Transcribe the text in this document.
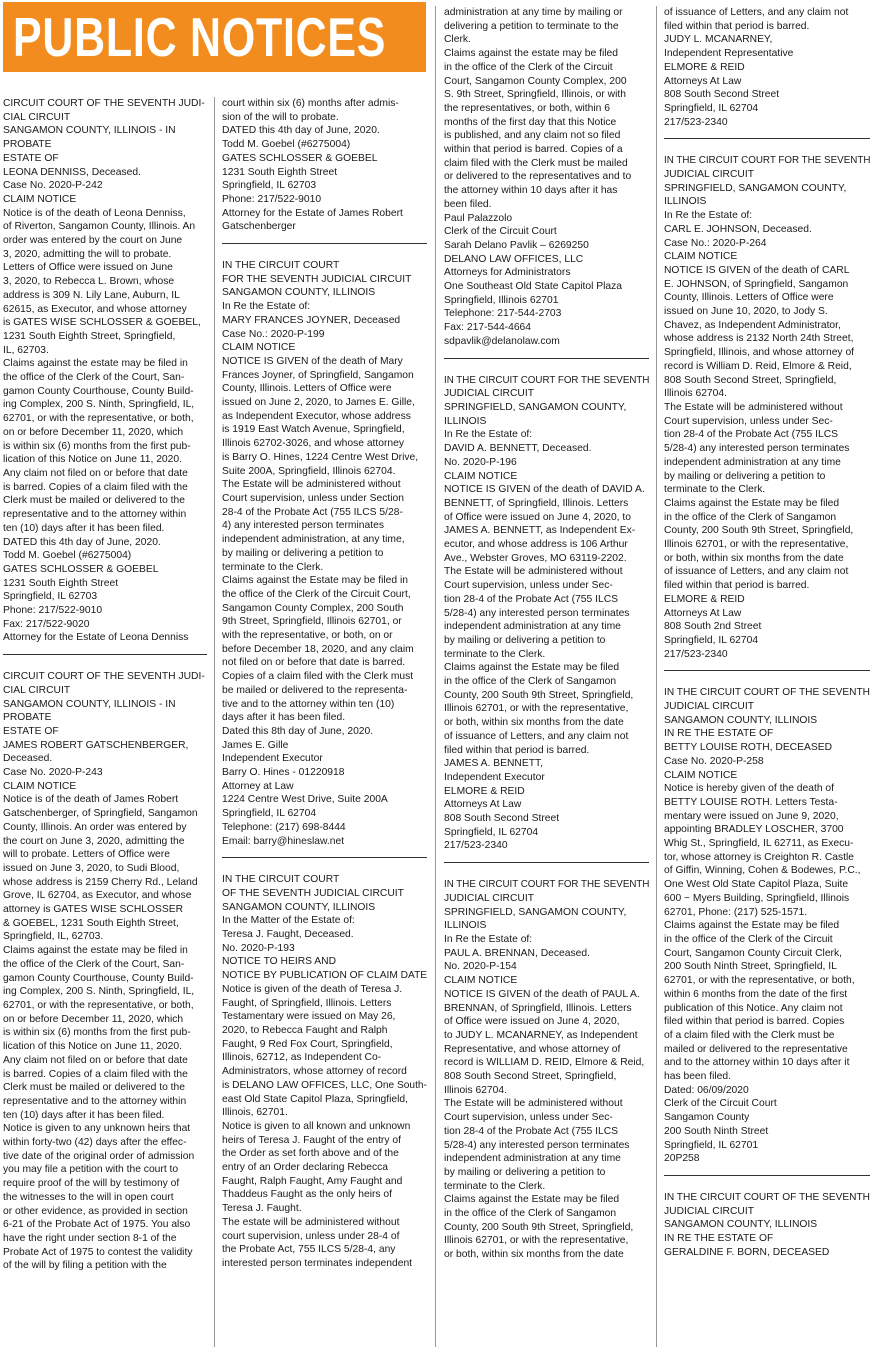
PUBLIC NOTICES
CIRCUIT COURT OF THE SEVENTH JUDI-
CIAL CIRCUIT
SANGAMON COUNTY, ILLINOIS - IN
PROBATE
ESTATE OF
LEONA DENNISS, Deceased.
Case No. 2020-P-242
CLAIM NOTICE
Notice is of the death of Leona Denniss,
of Riverton, Sangamon County, Illinois. An
order was entered by the court on June
3, 2020, admitting the will to probate.
Letters of Office were issued on June
3, 2020, to Rebecca L. Brown, whose
address is 309 N. Lily Lane, Auburn, IL
62615, as Executor, and whose attorney
is GATES WISE SCHLOSSER & GOEBEL,
1231 South Eighth Street, Springfield,
IL, 62703.
Claims against the estate may be filed in
the office of the Clerk of the Court, San-
gamon County Courthouse, County Build-
ing Complex, 200 S. Ninth, Springfield, IL,
62701, or with the representative, or both,
on or before December 11, 2020, which
is within six (6) months from the first pub-
lication of this Notice on June 11, 2020.
Any claim not filed on or before that date
is barred. Copies of a claim filed with the
Clerk must be mailed or delivered to the
representative and to the attorney within
ten (10) days after it has been filed.
DATED this 4th day of June, 2020.
Todd M. Goebel (#6275004)
GATES SCHLOSSER & GOEBEL
1231 South Eighth Street
Springfield, IL 62703
Phone: 217/522-9010
Fax: 217/522-9020
Attorney for the Estate of Leona Denniss
CIRCUIT COURT OF THE SEVENTH JUDI-
CIAL CIRCUIT
SANGAMON COUNTY, ILLINOIS - IN
PROBATE
ESTATE OF
JAMES ROBERT GATSCHENBERGER,
Deceased.
Case No. 2020-P-243
CLAIM NOTICE
Notice is of the death of James Robert
Gatschenberger, of Springfield, Sangamon
County, Illinois. An order was entered by
the court on June 3, 2020, admitting the
will to probate. Letters of Office were
issued on June 3, 2020, to Sudi Blood,
whose address is 2159 Cherry Rd., Leland
Grove, IL 62704, as Executor, and whose
attorney is GATES WISE SCHLOSSER
& GOEBEL, 1231 South Eighth Street,
Springfield, IL, 62703.
Claims against the estate may be filed in
the office of the Clerk of the Court, San-
gamon County Courthouse, County Build-
ing Complex, 200 S. Ninth, Springfield, IL,
62701, or with the representative, or both,
on or before December 11, 2020, which
is within six (6) months from the first pub-
lication of this Notice on June 11, 2020.
Any claim not filed on or before that date
is barred. Copies of a claim filed with the
Clerk must be mailed or delivered to the
representative and to the attorney within
ten (10) days after it has been filed.
Notice is given to any unknown heirs that
within forty-two (42) days after the effec-
tive date of the original order of admission
you may file a petition with the court to
require proof of the will by testimony of
the witnesses to the will in open court
or other evidence, as provided in section
6-21 of the Probate Act of 1975. You also
have the right under section 8-1 of the
Probate Act of 1975 to contest the validity
of the will by filing a petition with the
court within six (6) months after admis-
sion of the will to probate.
DATED this 4th day of June, 2020.
Todd M. Goebel (#6275004)
GATES SCHLOSSER & GOEBEL
1231 South Eighth Street
Springfield, IL 62703
Phone: 217/522-9010
Attorney for the Estate of James Robert
Gatschenberger
IN THE CIRCUIT COURT
FOR THE SEVENTH JUDICIAL CIRCUIT
SANGAMON COUNTY, ILLINOIS
In Re the Estate of:
MARY FRANCES JOYNER, Deceased
Case No.: 2020-P-199
CLAIM NOTICE
NOTICE IS GIVEN of the death of Mary
Frances Joyner, of Springfield, Sangamon
County, Illinois. Letters of Office were
issued on June 2, 2020, to James E. Gille,
as Independent Executor, whose address
is 1919 East Watch Avenue, Springfield,
Illinois 62702-3026, and whose attorney
is Barry O. Hines, 1224 Centre West Drive,
Suite 200A, Springfield, Illinois 62704.
The Estate will be administered without
Court supervision, unless under Section
28-4 of the Probate Act (755 ILCS 5/28-
4) any interested person terminates
independent administration, at any time,
by mailing or delivering a petition to
terminate to the Clerk.
Claims against the Estate may be filed in
the office of the Clerk of the Circuit Court,
Sangamon County Complex, 200 South
9th Street, Springfield, Illinois 62701, or
with the representative, or both, on or
before December 18, 2020, and any claim
not filed on or before that date is barred.
Copies of a claim filed with the Clerk must
be mailed or delivered to the representa-
tive and to the attorney within ten (10)
days after it has been filed.
Dated this 8th day of June, 2020.
James E. Gille
Independent Executor
Barry O. Hines - 01220918
Attorney at Law
1224 Centre West Drive, Suite 200A
Springfield, IL 62704
Telephone: (217) 698-8444
Email: barry@hineslaw.net
IN THE CIRCUIT COURT
OF THE SEVENTH JUDICIAL CIRCUIT
SANGAMON COUNTY, ILLINOIS
In the Matter of the Estate of:
Teresa J. Faught, Deceased.
No. 2020-P-193
NOTICE TO HEIRS AND
NOTICE BY PUBLICATION OF CLAIM DATE
Notice is given of the death of Teresa J.
Faught, of Springfield, Illinois. Letters
Testamentary were issued on May 26,
2020, to Rebecca Faught and Ralph
Faught, 9 Red Fox Court, Springfield,
Illinois, 62712, as Independent Co-
Administrators, whose attorney of record
is DELANO LAW OFFICES, LLC, One South-
east Old State Capitol Plaza, Springfield,
Illinois, 62701.
Notice is given to all known and unknown
heirs of Teresa J. Faught of the entry of
the Order as set forth above and of the
entry of an Order declaring Rebecca
Faught, Ralph Faught, Amy Faught and
Thaddeus Faught as the only heirs of
Teresa J. Faught.
The estate will be administered without
court supervision, unless under 28-4 of
the Probate Act, 755 ILCS 5/28-4, any
interested person terminates independent
administration at any time by mailing or
delivering a petition to terminate to the
Clerk.
Claims against the estate may be filed
in the office of the Clerk of the Circuit
Court, Sangamon County Complex, 200
S. 9th Street, Springfield, Illinois, or with
the representatives, or both, within 6
months of the first day that this Notice
is published, and any claim not so filed
within that period is barred. Copies of a
claim filed with the Clerk must be mailed
or delivered to the representatives and to
the attorney within 10 days after it has
been filed.
Paul Palazzolo
Clerk of the Circuit Court
Sarah Delano Pavlik – 6269250
DELANO LAW OFFICES, LLC
Attorneys for Administrators
One Southeast Old State Capitol Plaza
Springfield, Illinois 62701
Telephone: 217-544-2703
Fax: 217-544-4664
sdpavlik@delanolaw.com
IN THE CIRCUIT COURT FOR THE SEVENTH
JUDICIAL CIRCUIT
SPRINGFIELD, SANGAMON COUNTY,
ILLINOIS
In Re the Estate of:
DAVID A. BENNETT, Deceased.
No. 2020-P-196
CLAIM NOTICE
NOTICE IS GIVEN of the death of DAVID A.
BENNETT, of Springfield, Illinois. Letters
of Office were issued on June 4, 2020, to
JAMES A. BENNETT, as Independent Ex-
ecutor, and whose address is 106 Arthur
Ave., Webster Groves, MO 63119-2202.
The Estate will be administered without
Court supervision, unless under Sec-
tion 28-4 of the Probate Act (755 ILCS
5/28-4) any interested person terminates
independent administration at any time
by mailing or delivering a petition to
terminate to the Clerk.
Claims against the Estate may be filed
in the office of the Clerk of Sangamon
County, 200 South 9th Street, Springfield,
Illinois 62701, or with the representative,
or both, within six months from the date
of issuance of Letters, and any claim not
filed within that period is barred.
JAMES A. BENNETT,
Independent Executor
ELMORE & REID
Attorneys At Law
808 South Second Street
Springfield, IL 62704
217/523-2340
IN THE CIRCUIT COURT FOR THE SEVENTH
JUDICIAL CIRCUIT
SPRINGFIELD, SANGAMON COUNTY,
ILLINOIS
In Re the Estate of:
PAUL A. BRENNAN, Deceased.
No. 2020-P-154
CLAIM NOTICE
NOTICE IS GIVEN of the death of PAUL A.
BRENNAN, of Springfield, Illinois. Letters
of Office were issued on June 4, 2020,
to JUDY L. MCANARNEY, as Independent
Representative, and whose attorney of
record is WILLIAM D. REID, Elmore & Reid,
808 South Second Street, Springfield,
Illinois 62704.
The Estate will be administered without
Court supervision, unless under Sec-
tion 28-4 of the Probate Act (755 ILCS
5/28-4) any interested person terminates
independent administration at any time
by mailing or delivering a petition to
terminate to the Clerk.
Claims against the Estate may be filed
in the office of the Clerk of Sangamon
County, 200 South 9th Street, Springfield,
Illinois 62701, or with the representative,
or both, within six months from the date
of issuance of Letters, and any claim not
filed within that period is barred.
JUDY L. MCANARNEY,
Independent Representative
ELMORE & REID
Attorneys At Law
808 South Second Street
Springfield, IL 62704
217/523-2340
IN THE CIRCUIT COURT FOR THE SEVENTH
JUDICIAL CIRCUIT
SPRINGFIELD, SANGAMON COUNTY,
ILLINOIS
In Re the Estate of:
CARL E. JOHNSON, Deceased.
Case No.: 2020-P-264
CLAIM NOTICE
NOTICE IS GIVEN of the death of CARL
E. JOHNSON, of Springfield, Sangamon
County, Illinois. Letters of Office were
issued on June 10, 2020, to Jody S.
Chavez, as Independent Administrator,
whose address is 2132 North 24th Street,
Springfield, Illinois, and whose attorney of
record is William D. Reid, Elmore & Reid,
808 South Second Street, Springfield,
Illinois 62704.
The Estate will be administered without
Court supervision, unless under Sec-
tion 28-4 of the Probate Act (755 ILCS
5/28-4) any interested person terminates
independent administration at any time
by mailing or delivering a petition to
terminate to the Clerk.
Claims against the Estate may be filed
in the office of the Clerk of Sangamon
County, 200 South 9th Street, Springfield,
Illinois 62701, or with the representative,
or both, within six months from the date
of issuance of Letters, and any claim not
filed within that period is barred.
ELMORE & REID
Attorneys At Law
808 South 2nd Street
Springfield, IL 62704
217/523-2340
IN THE CIRCUIT COURT OF THE SEVENTH
JUDICIAL CIRCUIT
SANGAMON COUNTY, ILLINOIS
IN RE THE ESTATE OF
BETTY LOUISE ROTH, DECEASED
Case No. 2020-P-258
CLAIM NOTICE
Notice is hereby given of the death of
BETTY LOUISE ROTH. Letters Testa-
mentary were issued on June 9, 2020,
appointing BRADLEY LOSCHER, 3700
Whig St., Springfield, IL 62711, as Execu-
tor, whose attorney is Creighton R. Castle
of Giffin, Winning, Cohen & Bodewes, P.C.,
One West Old State Capitol Plaza, Suite
600 ~ Myers Building, Springfield, Illinois
62701, Phone: (217) 525-1571.
Claims against the Estate may be filed
in the office of the Clerk of the Circuit
Court, Sangamon County Circuit Clerk,
200 South Ninth Street, Springfield, IL
62701, or with the representative, or both,
within 6 months from the date of the first
publication of this Notice. Any claim not
filed within that period is barred. Copies
of a claim filed with the Clerk must be
mailed or delivered to the representative
and to the attorney within 10 days after it
has been filed.
Dated: 06/09/2020
Clerk of the Circuit Court
Sangamon County
200 South Ninth Street
Springfield, IL 62701
20P258
IN THE CIRCUIT COURT OF THE SEVENTH
JUDICIAL CIRCUIT
SANGAMON COUNTY, ILLINOIS
IN RE THE ESTATE OF
GERALDINE F. BORN, DECEASED
